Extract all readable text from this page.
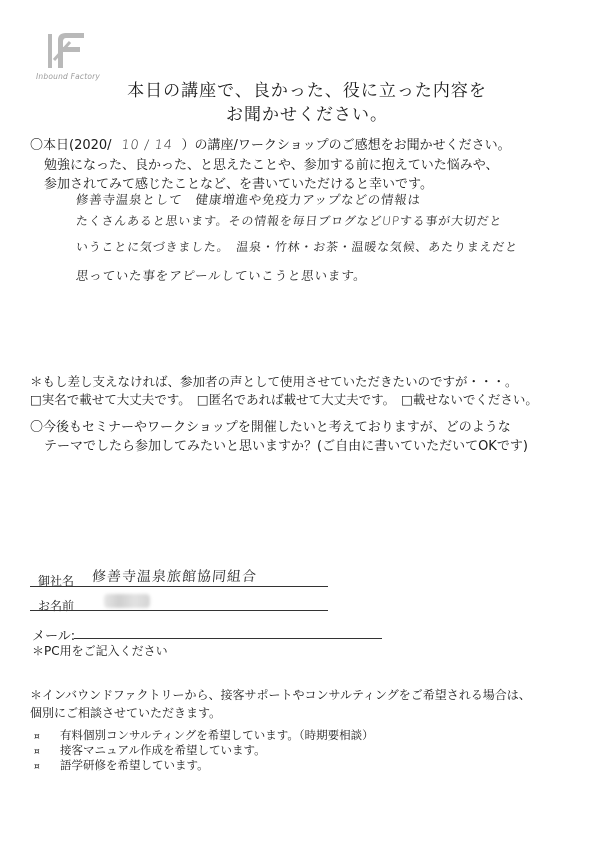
Inbound Factory
本日の講座で、良かった、役に立った内容を
お聞かせください。
〇本日(2020/ 10 / 14 ）の講座/ワークショップのご感想をお聞かせください。
勉強になった、良かった、と思えたことや、参加する前に抱えていた悩みや、
参加されてみて感じたことなど、を書いていただけると幸いです。
修善寺温泉として　健康増進や免疫力アップなどの情報は
たくさんあると思います。その情報を毎日ブログなどUPする事が大切だと
いうことに気づきました。　温泉・竹林・お茶・温暖な気候、あたりまえだと
思っていた事をアピールしていこうと思います。
＊もし差し支えなければ、参加者の声として使用させていただきたいのですが・・・。
□実名で載せて大丈夫です。 □匿名であれば載せて大丈夫です。 □載せないでください。
〇今後もセミナーやワークショップを開催したいと考えておりますが、どのような
テーマでしたら参加してみたいと思いますか？(ご自由に書いていただいてOKです)
御社名 修善寺温泉旅館協同組合
お名前
メール:
＊PC用をご記入ください
＊インバウンドファクトリーから、接客サポートやコンサルティングをご希望される場合は、
個別にご相談させていただきます。
¤ 有料個別コンサルティングを希望しています。（時期要相談）
¤ 接客マニュアル作成を希望しています。
¤ 語学研修を希望しています。
